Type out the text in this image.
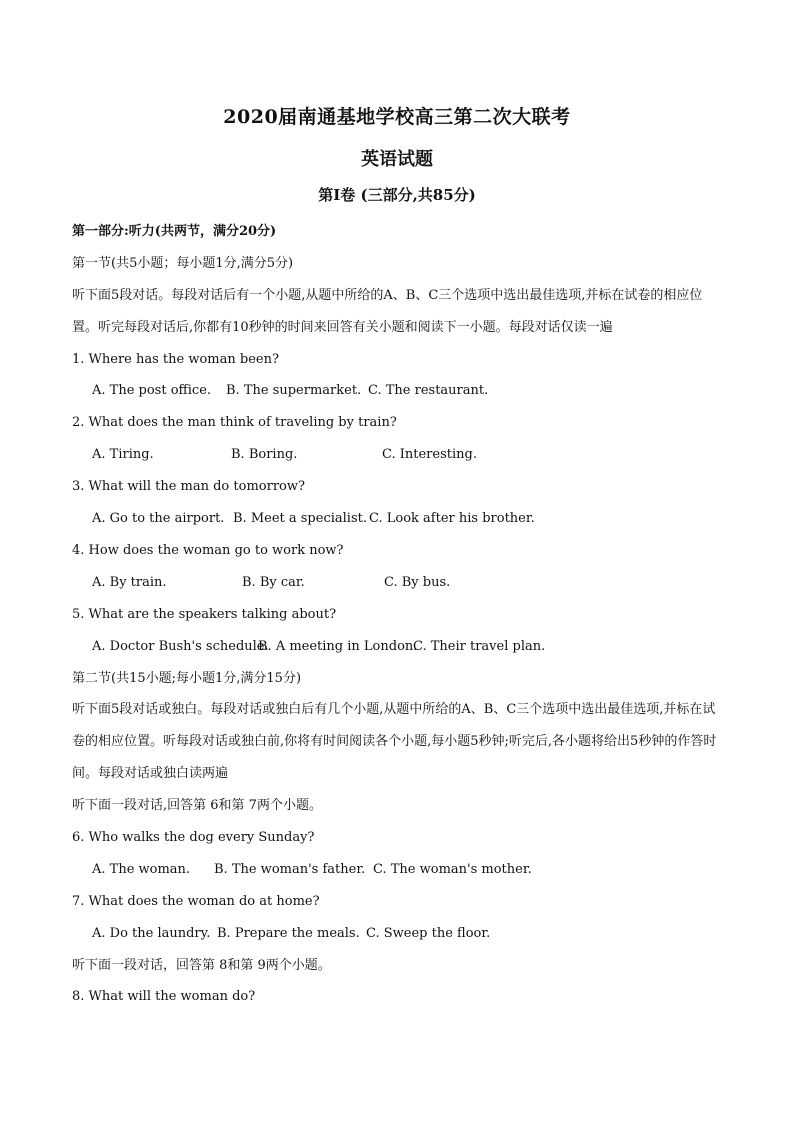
2020届南通基地学校高三第二次大联考
英语试题
第I卷 (三部分,共85分)
第一部分:听力(共两节，满分20分)
第一节(共5小题；每小题1分,满分5分)
听下面5段对话。每段对话后有一个小题,从题中所给的A、B、C三个选项中选出最佳选项,并标在试卷的相应位置。听完每段对话后,你都有10秒钟的时间来回答有关小题和阅读下一小题。每段对话仅读一遍
1. Where has the woman been?
A. The post office. B. The supermarket. C. The restaurant.
2. What does the man think of traveling by train?
A. Tiring.	B. Boring.	C. Interesting.
3. What will the man do tomorrow?
A. Go to the airport. B. Meet a specialist. C. Look after his brother.
4. How does the woman go to work now?
A. By train.	B. By car.	C. By bus.
5. What are the speakers talking about?
A. Doctor Bush's schedule.
B. A meeting in London.
C. Their travel plan.
第二节(共15小题;每小题1分,满分15分)
听下面5段对话或独白。每段对话或独白后有几个小题,从题中所给的A、B、C三个选项中选出最佳选项,并标在试卷的相应位置。听每段对话或独白前,你将有时间阅读各个小题,每小题5秒钟;听完后,各小题将给出5秒钟的作答时间。每段对话或独白读两遍
听下面一段对话,回答第 6和第 7两个小题。
6. Who walks the dog every Sunday?
A. The woman. B. The woman's father. C. The woman's mother.
7. What does the woman do at home?
A. Do the laundry. B. Prepare the meals. C. Sweep the floor.
听下面一段对话，回答第 8和第 9两个小题。
8. What will the woman do?
